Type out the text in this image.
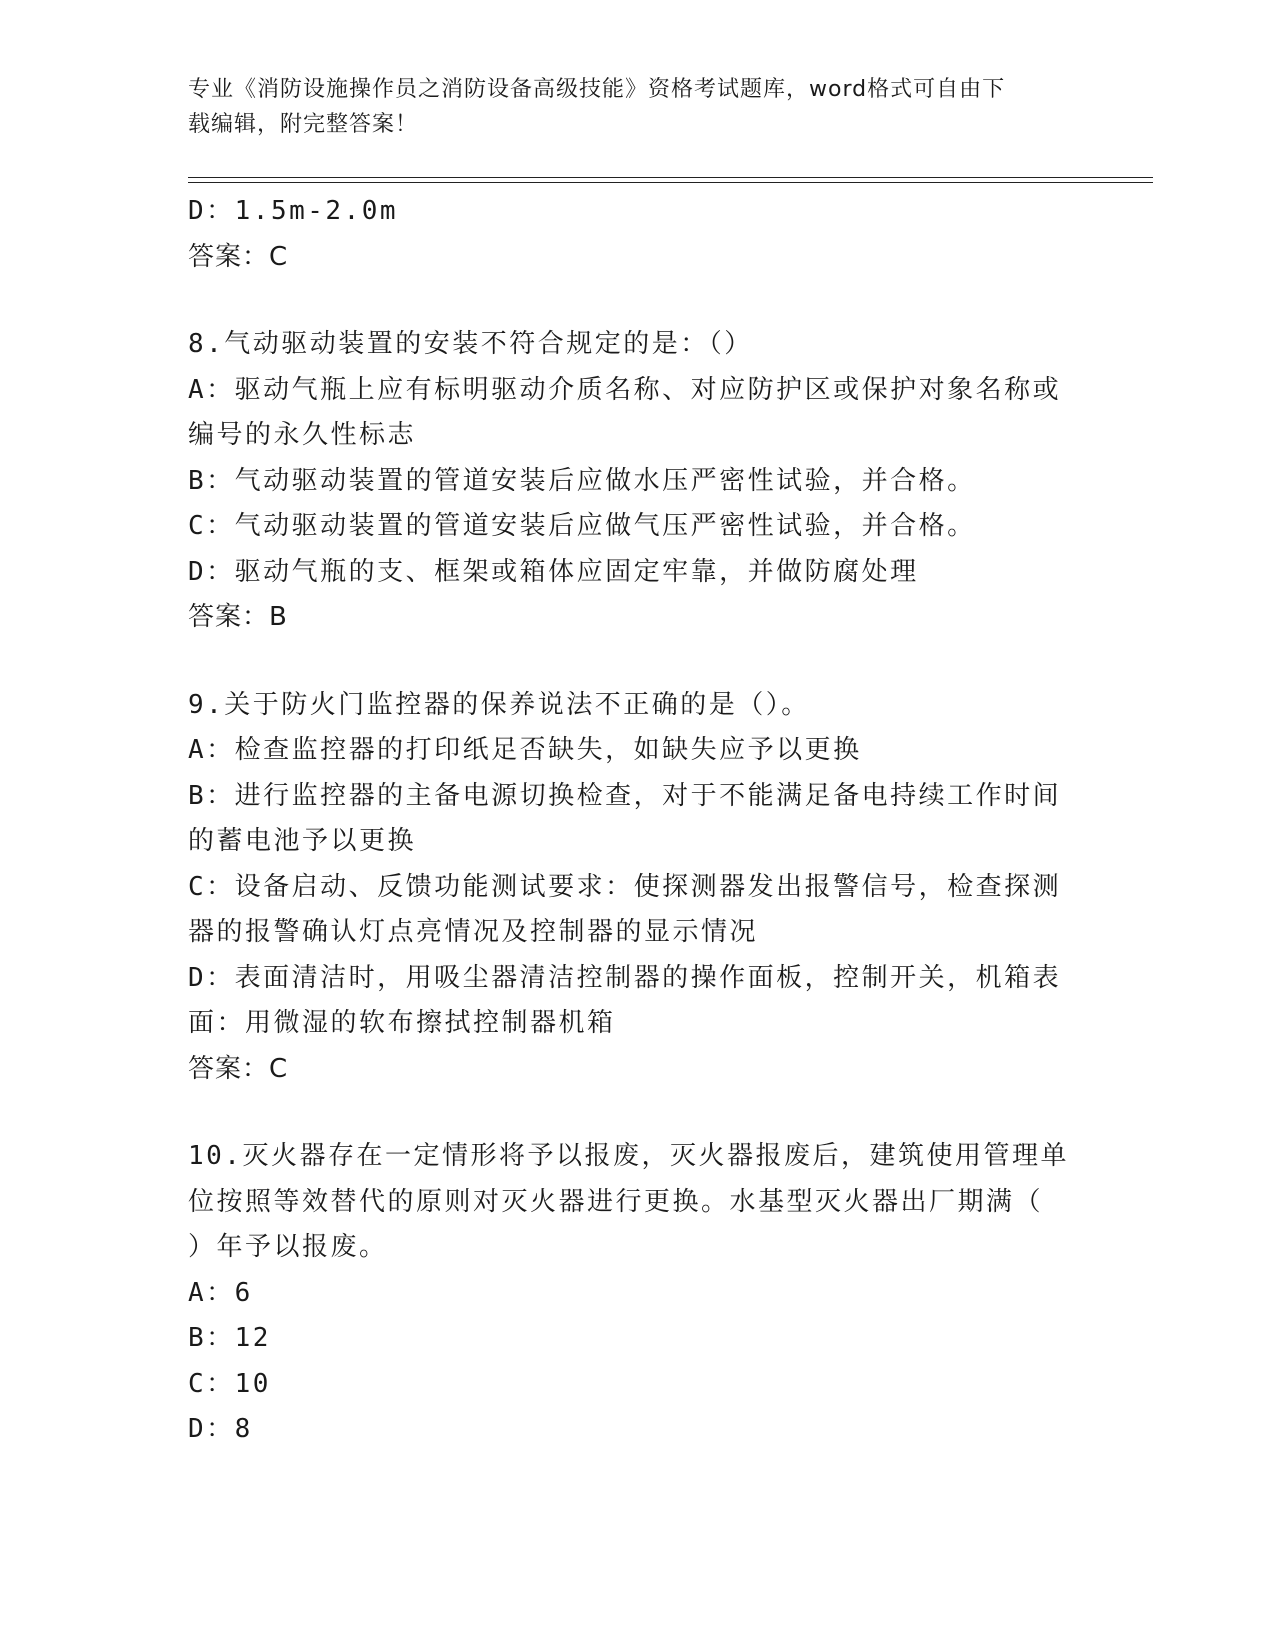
专业《消防设施操作员之消防设备高级技能》资格考试题库，word格式可自由下
载编辑，附完整答案！
D：1.5m-2.0m
答案：C
8.气动驱动装置的安装不符合规定的是：（）
A：驱动气瓶上应有标明驱动介质名称、对应防护区或保护对象名称或
编号的永久性标志
B：气动驱动装置的管道安装后应做水压严密性试验，并合格。
C：气动驱动装置的管道安装后应做气压严密性试验，并合格。
D：驱动气瓶的支、框架或箱体应固定牢靠，并做防腐处理
答案：B
9.关于防火门监控器的保养说法不正确的是（）。
A：检查监控器的打印纸足否缺失，如缺失应予以更换
B：进行监控器的主备电源切换检查，对于不能满足备电持续工作时间
的蓄电池予以更换
C：设备启动、反馈功能测试要求：使探测器发出报警信号，检查探测
器的报警确认灯点亮情况及控制器的显示情况
D：表面清洁时，用吸尘器清洁控制器的操作面板，控制开关，机箱表
面：用微湿的软布擦拭控制器机箱
答案：C
10.灭火器存在一定情形将予以报废，灭火器报废后，建筑使用管理单
位按照等效替代的原则对灭火器进行更换。水基型灭火器出厂期满（
）年予以报废。
A：6
B：12
C：10
D：8
